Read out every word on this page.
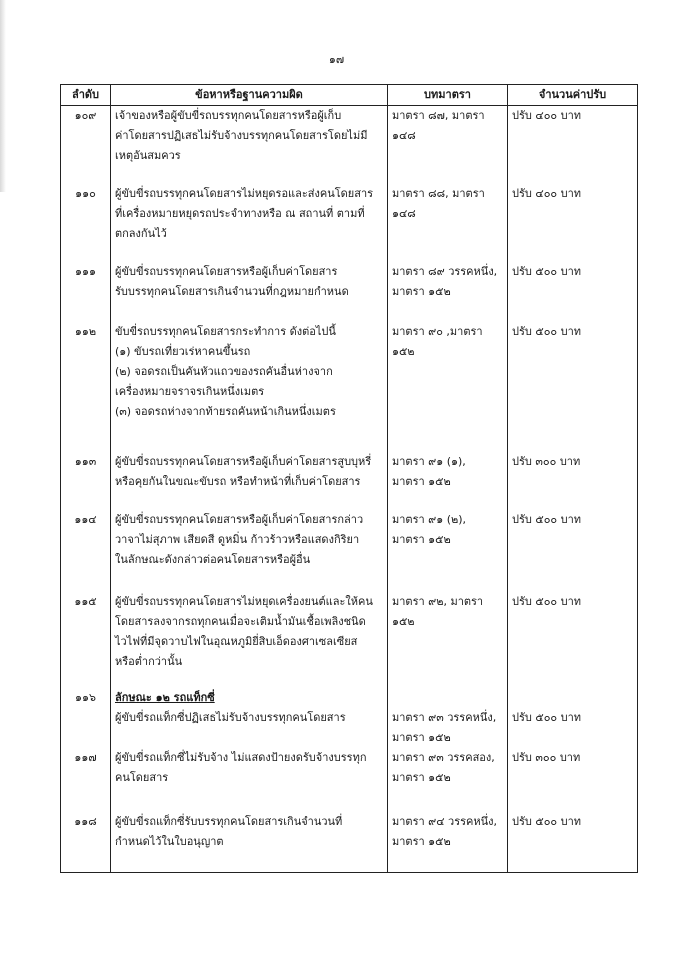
๑๗
ลำดับ	ข้อหาหรือฐานความผิด	บทมาตรา	จำนวนค่าปรับ
๑๐๙	เจ้าของหรือผู้ขับขี่รถบรรทุกคนโดยสารหรือผู้เก็บ
ค่าโดยสารปฏิเสธไม่รับจ้างบรรทุกคนโดยสารโดยไม่มี
เหตุอันสมควร	มาตรา ๘๗, มาตรา ๑๔๘	ปรับ ๔๐๐ บาท

๑๑๐	ผู้ขับขี่รถบรรทุกคนโดยสารไม่หยุดรอและส่งคนโดยสาร
ที่เครื่องหมายหยุดรถประจำทางหรือ ณ สถานที่ ตามที่
ตกลงกันไว้	มาตรา ๘๘, มาตรา ๑๔๘	ปรับ ๔๐๐ บาท

๑๑๑	ผู้ขับขี่รถบรรทุกคนโดยสารหรือผู้เก็บค่าโดยสาร
รับบรรทุกคนโดยสารเกินจำนวนที่กฎหมายกำหนด	มาตรา ๘๙ วรรคหนึ่ง,
มาตรา ๑๕๒	ปรับ ๕๐๐ บาท

๑๑๒	ขับขี่รถบรรทุกคนโดยสารกระทำการ ดังต่อไปนี้
(๑) ขับรถเที่ยวเร่หาคนขึ้นรถ
(๒) จอดรถเป็นคันหัวแถวของรถคันอื่นห่างจาก
เครื่องหมายจราจรเกินหนึ่งเมตร
(๓) จอดรถห่างจากท้ายรถคันหน้าเกินหนึ่งเมตร	มาตรา ๙๐ ,มาตรา ๑๕๒	ปรับ ๕๐๐ บาท

๑๑๓	ผู้ขับขี่รถบรรทุกคนโดยสารหรือผู้เก็บค่าโดยสารสูบบุหรี่
หรือคุยกันในขณะขับรถ หรือทำหน้าที่เก็บค่าโดยสาร	มาตรา ๙๑ (๑),
มาตรา ๑๕๒	ปรับ ๓๐๐ บาท

๑๑๔	ผู้ขับขี่รถบรรทุกคนโดยสารหรือผู้เก็บค่าโดยสารกล่าว
วาจาไม่สุภาพ เสียดสี ดูหมิ่น ก้าวร้าวหรือแสดงกิริยา
ในลักษณะดังกล่าวต่อคนโดยสารหรือผู้อื่น	มาตรา ๙๑ (๒),
มาตรา ๑๕๒	ปรับ ๕๐๐ บาท

๑๑๕	ผู้ขับขี่รถบรรทุกคนโดยสารไม่หยุดเครื่องยนต์และให้คน
โดยสารลงจากรถทุกคนเมื่อจะเติมน้ำมันเชื้อเพลิงชนิด
ไวไฟที่มีจุดวาบไฟในอุณหภูมิยี่สิบเอ็ดองศาเซลเซียส
หรือต่ำกว่านั้น	มาตรา ๙๒, มาตรา ๑๕๒	ปรับ ๕๐๐ บาท

๑๑๖	ลักษณะ ๑๒ รถแท็กซี่
ผู้ขับขี่รถแท็กซี่ปฏิเสธไม่รับจ้างบรรทุกคนโดยสาร	มาตรา ๙๓ วรรคหนึ่ง,
มาตรา ๑๕๒	ปรับ ๕๐๐ บาท

๑๑๗	ผู้ขับขี่รถแท็กซี่ไม่รับจ้าง ไม่แสดงป้ายงดรับจ้างบรรทุก
คนโดยสาร	มาตรา ๙๓ วรรคสอง,
มาตรา ๑๕๒	ปรับ ๓๐๐ บาท

๑๑๘	ผู้ขับขี่รถแท็กซี่รับบรรทุกคนโดยสารเกินจำนวนที่
กำหนดไว้ในใบอนุญาต	มาตรา ๙๔ วรรคหนึ่ง,
มาตรา ๑๕๒	ปรับ ๕๐๐ บาท
